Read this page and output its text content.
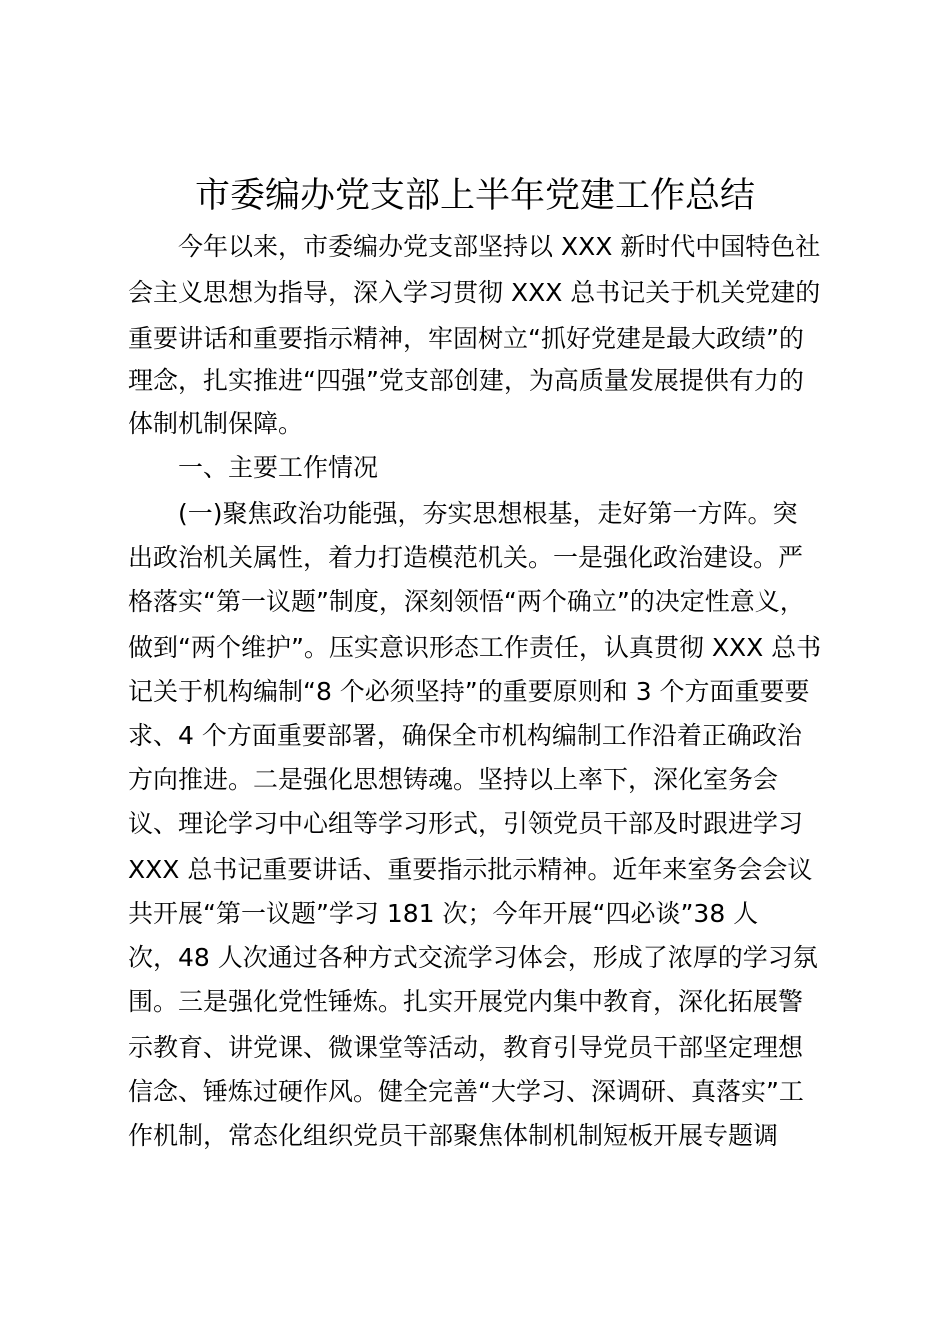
市委编办党支部上半年党建工作总结
今年以来，市委编办党支部坚持以 XXX 新时代中国特色社
会主义思想为指导，深入学习贯彻 XXX 总书记关于机关党建的
重要讲话和重要指示精神，牢固树立“抓好党建是最大政绩”的
理念，扎实推进“四强”党支部创建，为高质量发展提供有力的
体制机制保障。
一、主要工作情况
(一)聚焦政治功能强，夯实思想根基，走好第一方阵。突
出政治机关属性，着力打造模范机关。一是强化政治建设。严
格落实“第一议题”制度，深刻领悟“两个确立”的决定性意义，
做到“两个维护”。压实意识形态工作责任，认真贯彻 XXX 总书
记关于机构编制“8 个必须坚持”的重要原则和 3 个方面重要要
求、4 个方面重要部署，确保全市机构编制工作沿着正确政治
方向推进。二是强化思想铸魂。坚持以上率下，深化室务会
议、理论学习中心组等学习形式，引领党员干部及时跟进学习
XXX 总书记重要讲话、重要指示批示精神。近年来室务会会议
共开展“第一议题”学习 181 次；今年开展“四必谈”38 人
次，48 人次通过各种方式交流学习体会，形成了浓厚的学习氛
围。三是强化党性锤炼。扎实开展党内集中教育，深化拓展警
示教育、讲党课、微课堂等活动，教育引导党员干部坚定理想
信念、锤炼过硬作风。健全完善“大学习、深调研、真落实”工
作机制，常态化组织党员干部聚焦体制机制短板开展专题调
